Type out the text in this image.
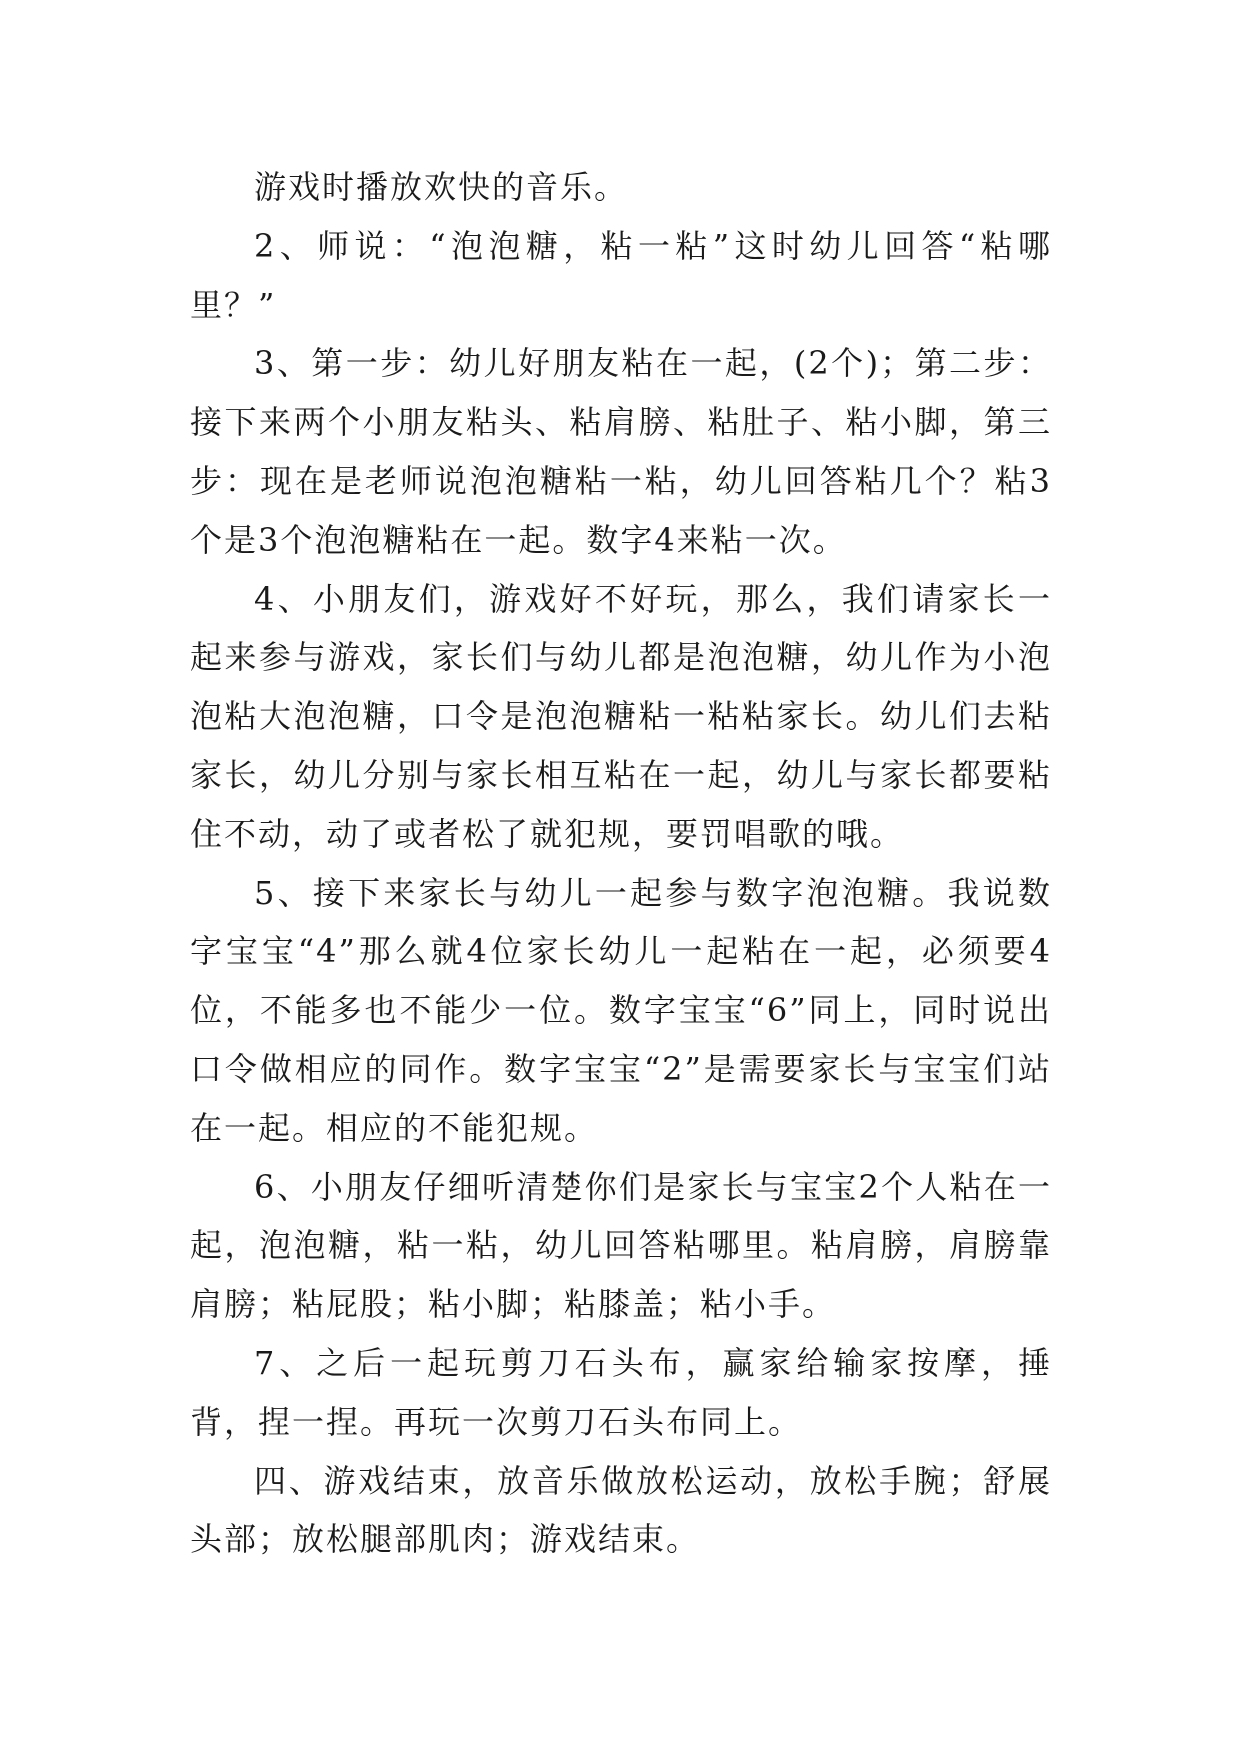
游戏时播放欢快的音乐。

2、师说：“泡泡糖，粘一粘”这时幼儿回答“粘哪里？”

3、第一步：幼儿好朋友粘在一起，(2个)；第二步：接下来两个小朋友粘头、粘肩膀、粘肚子、粘小脚，第三步：现在是老师说泡泡糖粘一粘，幼儿回答粘几个？粘3个是3个泡泡糖粘在一起。数字4来粘一次。

4、小朋友们，游戏好不好玩，那么，我们请家长一起来参与游戏，家长们与幼儿都是泡泡糖，幼儿作为小泡泡粘大泡泡糖，口令是泡泡糖粘一粘粘家长。幼儿们去粘家长，幼儿分别与家长相互粘在一起，幼儿与家长都要粘住不动，动了或者松了就犯规，要罚唱歌的哦。

5、接下来家长与幼儿一起参与数字泡泡糖。我说数字宝宝“4”那么就4位家长幼儿一起粘在一起，必须要4位，不能多也不能少一位。数字宝宝“6”同上，同时说出口令做相应的同作。数字宝宝“2”是需要家长与宝宝们站在一起。相应的不能犯规。

6、小朋友仔细听清楚你们是家长与宝宝2个人粘在一起，泡泡糖，粘一粘，幼儿回答粘哪里。粘肩膀，肩膀靠肩膀；粘屁股；粘小脚；粘膝盖；粘小手。

7、之后一起玩剪刀石头布，赢家给输家按摩，捶背，捏一捏。再玩一次剪刀石头布同上。

四、游戏结束，放音乐做放松运动，放松手腕；舒展头部；放松腿部肌肉；游戏结束。
